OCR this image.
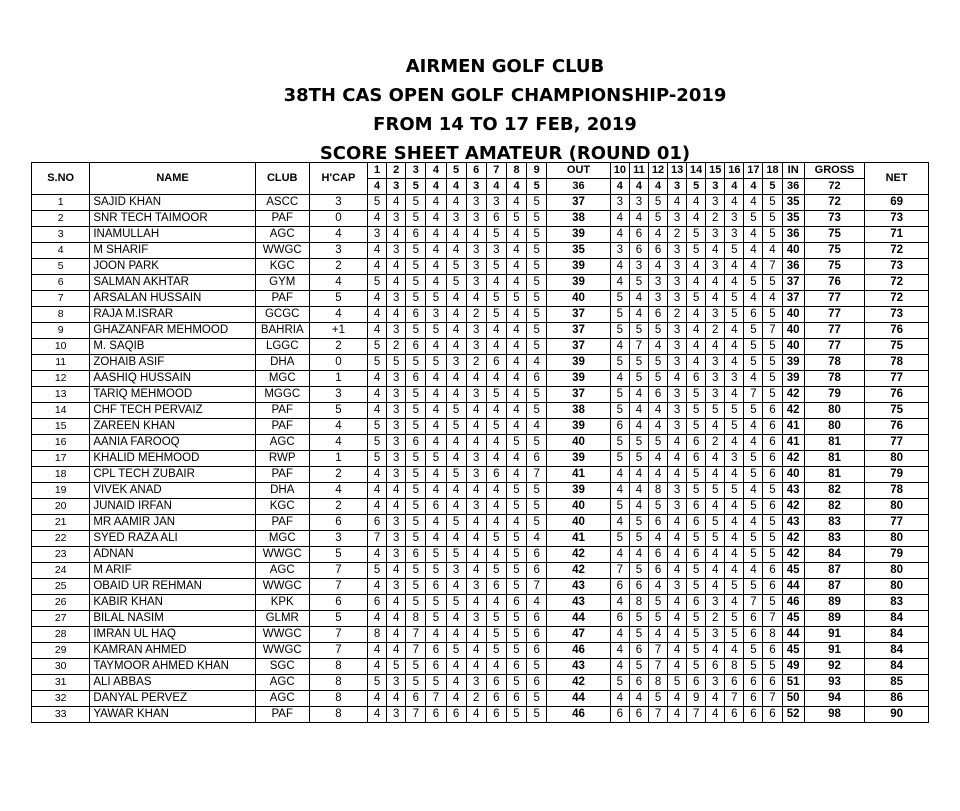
AIRMEN GOLF CLUB
38TH CAS OPEN GOLF CHAMPIONSHIP-2019
FROM 14 TO 17 FEB, 2019
SCORE SHEET AMATEUR (ROUND 01)
S.NO	NAME	CLUB	H'CAP	1	2	3	4	5	6	7	8	9	OUT	10	11	12	13	14	15	16	17	18	IN	GROSS	NET
				4	3	5	4	4	3	4	4	5	36	4	4	4	3	5	3	4	4	5	36	72	
1	SAJID KHAN	ASCC	3	5	4	5	4	4	3	3	4	5	37	3	3	5	4	4	3	4	4	5	35	72	69
2	SNR TECH TAIMOOR	PAF	0	4	3	5	4	3	3	6	5	5	38	4	4	5	3	4	2	3	5	5	35	73	73
3	INAMULLAH	AGC	4	3	4	6	4	4	4	5	4	5	39	4	6	4	2	5	3	3	4	5	36	75	71
4	M SHARIF	WWGC	3	4	3	5	4	4	3	3	4	5	35	3	6	6	3	5	4	5	4	4	40	75	72
5	JOON PARK	KGC	2	4	4	5	4	5	3	5	4	5	39	4	3	4	3	4	3	4	4	7	36	75	73
6	SALMAN AKHTAR	GYM	4	5	4	5	4	5	3	4	4	5	39	4	5	3	3	4	4	4	5	5	37	76	72
7	ARSALAN HUSSAIN	PAF	5	4	3	5	5	4	4	5	5	5	40	5	4	3	3	5	4	5	4	4	37	77	72
8	RAJA M.ISRAR	GCGC	4	4	4	6	3	4	2	5	4	5	37	5	4	6	2	4	3	5	6	5	40	77	73
9	GHAZANFAR MEHMOOD	BAHRIA	+1	4	3	5	5	4	3	4	4	5	37	5	5	5	3	4	2	4	5	7	40	77	76
10	M. SAQIB	LGGC	2	5	2	6	4	4	3	4	4	5	37	4	7	4	3	4	4	4	5	5	40	77	75
11	ZOHAIB ASIF	DHA	0	5	5	5	5	3	2	6	4	4	39	5	5	5	3	4	3	4	5	5	39	78	78
12	AASHIQ HUSSAIN	MGC	1	4	3	6	4	4	4	4	4	6	39	4	5	5	4	6	3	3	4	5	39	78	77
13	TARIQ MEHMOOD	MGGC	3	4	3	5	4	4	3	5	4	5	37	5	4	6	3	5	3	4	7	5	42	79	76
14	CHF TECH PERVAIZ	PAF	5	4	3	5	4	5	4	4	4	5	38	5	4	4	3	5	5	5	5	6	42	80	75
15	ZAREEN KHAN	PAF	4	5	3	5	4	5	4	5	4	4	39	6	4	4	3	5	4	5	4	6	41	80	76
16	AANIA FAROOQ	AGC	4	5	3	6	4	4	4	4	5	5	40	5	5	5	4	6	2	4	4	6	41	81	77
17	KHALID MEHMOOD	RWP	1	5	3	5	5	4	3	4	4	6	39	5	5	4	4	6	4	3	5	6	42	81	80
18	CPL TECH ZUBAIR	PAF	2	4	3	5	4	5	3	6	4	7	41	4	4	4	4	5	4	4	5	6	40	81	79
19	VIVEK ANAD	DHA	4	4	4	5	4	4	4	4	5	5	39	4	4	8	3	5	5	5	4	5	43	82	78
20	JUNAID IRFAN	KGC	2	4	4	5	6	4	3	4	5	5	40	5	4	5	3	6	4	4	5	6	42	82	80
21	MR AAMIR JAN	PAF	6	6	3	5	4	5	4	4	4	5	40	4	5	6	4	6	5	4	4	5	43	83	77
22	SYED RAZA ALI	MGC	3	7	3	5	4	4	4	5	5	4	41	5	5	4	4	5	5	4	5	5	42	83	80
23	ADNAN	WWGC	5	4	3	6	5	5	4	4	5	6	42	4	4	6	4	6	4	4	5	5	42	84	79
24	M ARIF	AGC	7	5	4	5	5	3	4	5	5	6	42	7	5	6	4	5	4	4	4	6	45	87	80
25	OBAID UR REHMAN	WWGC	7	4	3	5	6	4	3	6	5	7	43	6	6	4	3	5	4	5	5	6	44	87	80
26	KABIR KHAN	KPK	6	6	4	5	5	5	4	4	6	4	43	4	8	5	4	6	3	4	7	5	46	89	83
27	BILAL NASIM	GLMR	5	4	4	8	5	4	3	5	5	6	44	6	5	5	4	5	2	5	6	7	45	89	84
28	IMRAN UL HAQ	WWGC	7	8	4	7	4	4	4	5	5	6	47	4	5	4	4	5	3	5	6	8	44	91	84
29	KAMRAN AHMED	WWGC	7	4	4	7	6	5	4	5	5	6	46	4	6	7	4	5	4	4	5	6	45	91	84
30	TAYMOOR AHMED KHAN	SGC	8	4	5	5	6	4	4	4	6	5	43	4	5	7	4	5	6	8	5	5	49	92	84
31	ALI ABBAS	AGC	8	5	3	5	5	4	3	6	5	6	42	5	6	8	5	6	3	6	6	6	51	93	85
32	DANYAL PERVEZ	AGC	8	4	4	6	7	4	2	6	6	5	44	4	4	5	4	9	4	7	6	7	50	94	86
33	YAWAR KHAN	PAF	8	4	3	7	6	6	4	6	5	5	46	6	6	7	4	7	4	6	6	6	52	98	90
